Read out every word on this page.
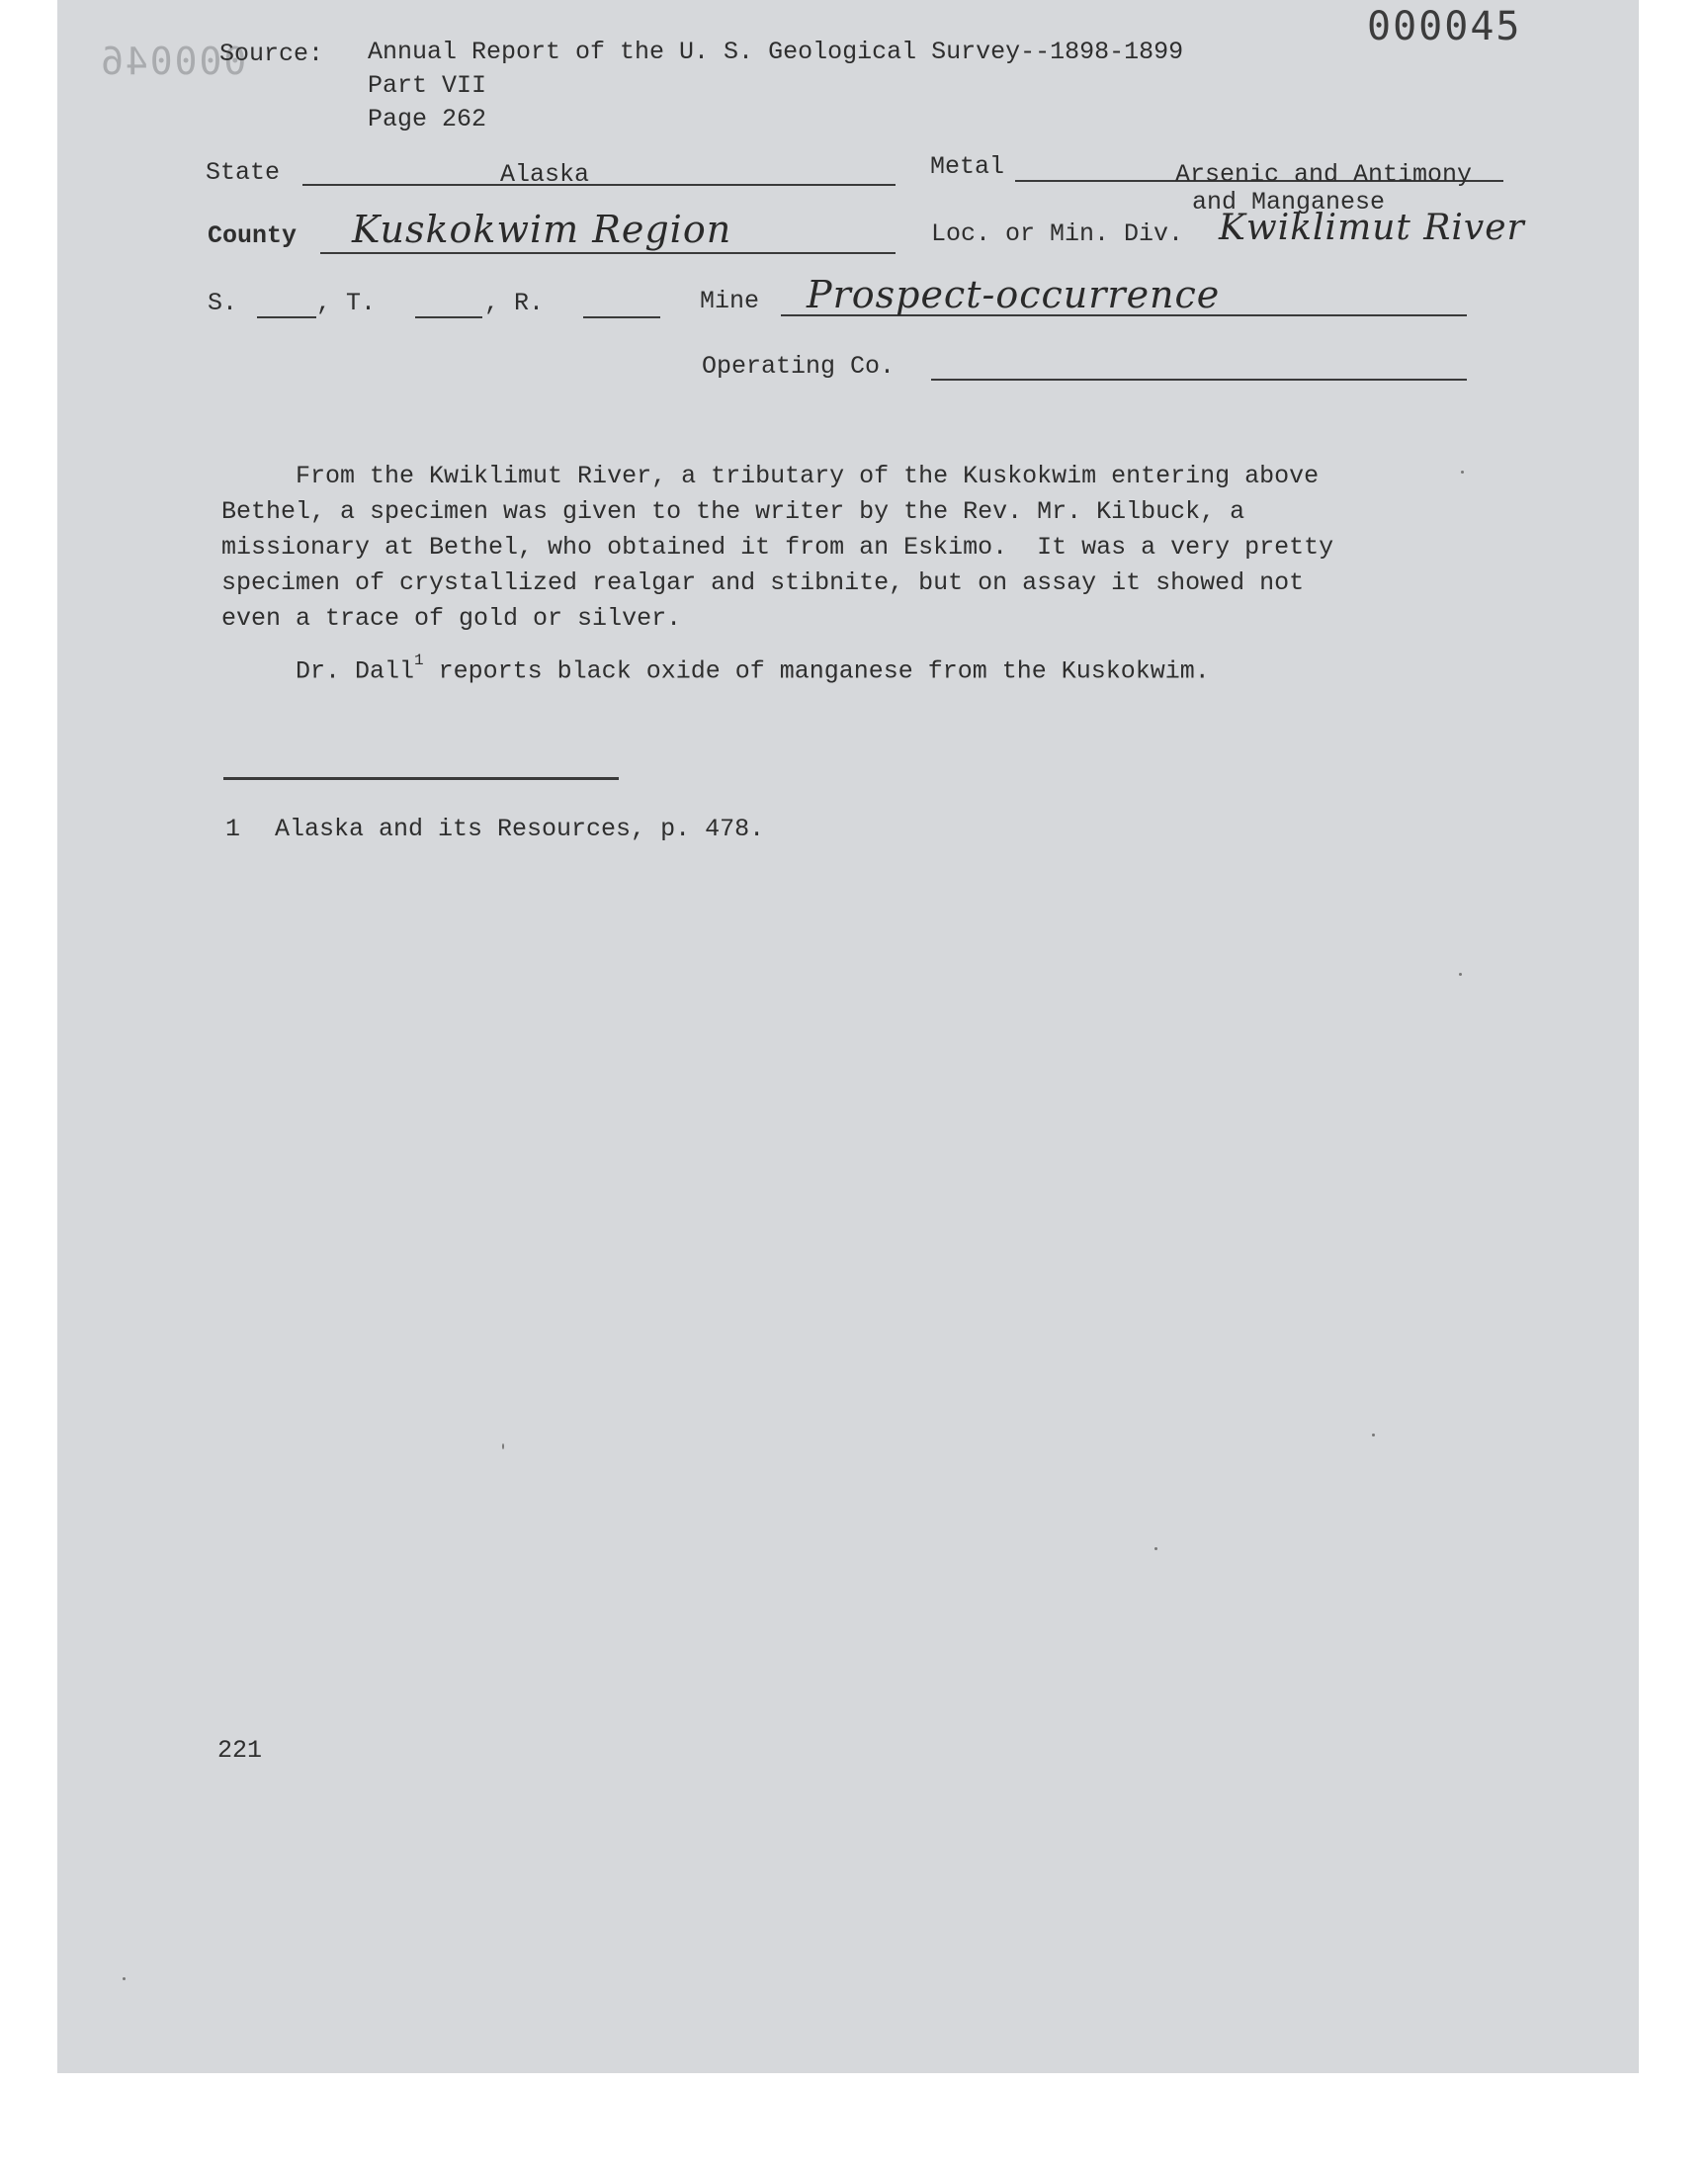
000046
000045
Source: Annual Report of the U. S. Geological Survey--1898-1899
Part VII
Page 262
State	Alaska	Metal	Arsenic and Antimony
and Manganese
County Kuskokwim Region	Loc. or Min. Div. Kwiklimut River
S.	, T.	, R.	Mine Prospect-occurrence
Operating Co.
From the Kwiklimut River, a tributary of the Kuskokwim entering above
Bethel, a specimen was given to the writer by the Rev. Mr. Kilbuck, a
missionary at Bethel, who obtained it from an Eskimo.  It was a very pretty
specimen of crystallized realgar and stibnite, but on assay it showed not
even a trace of gold or silver.
Dr. Dall$^1$ reports black oxide of manganese from the Kuskokwim.
1 Alaska and its Resources, p. 478.
221
